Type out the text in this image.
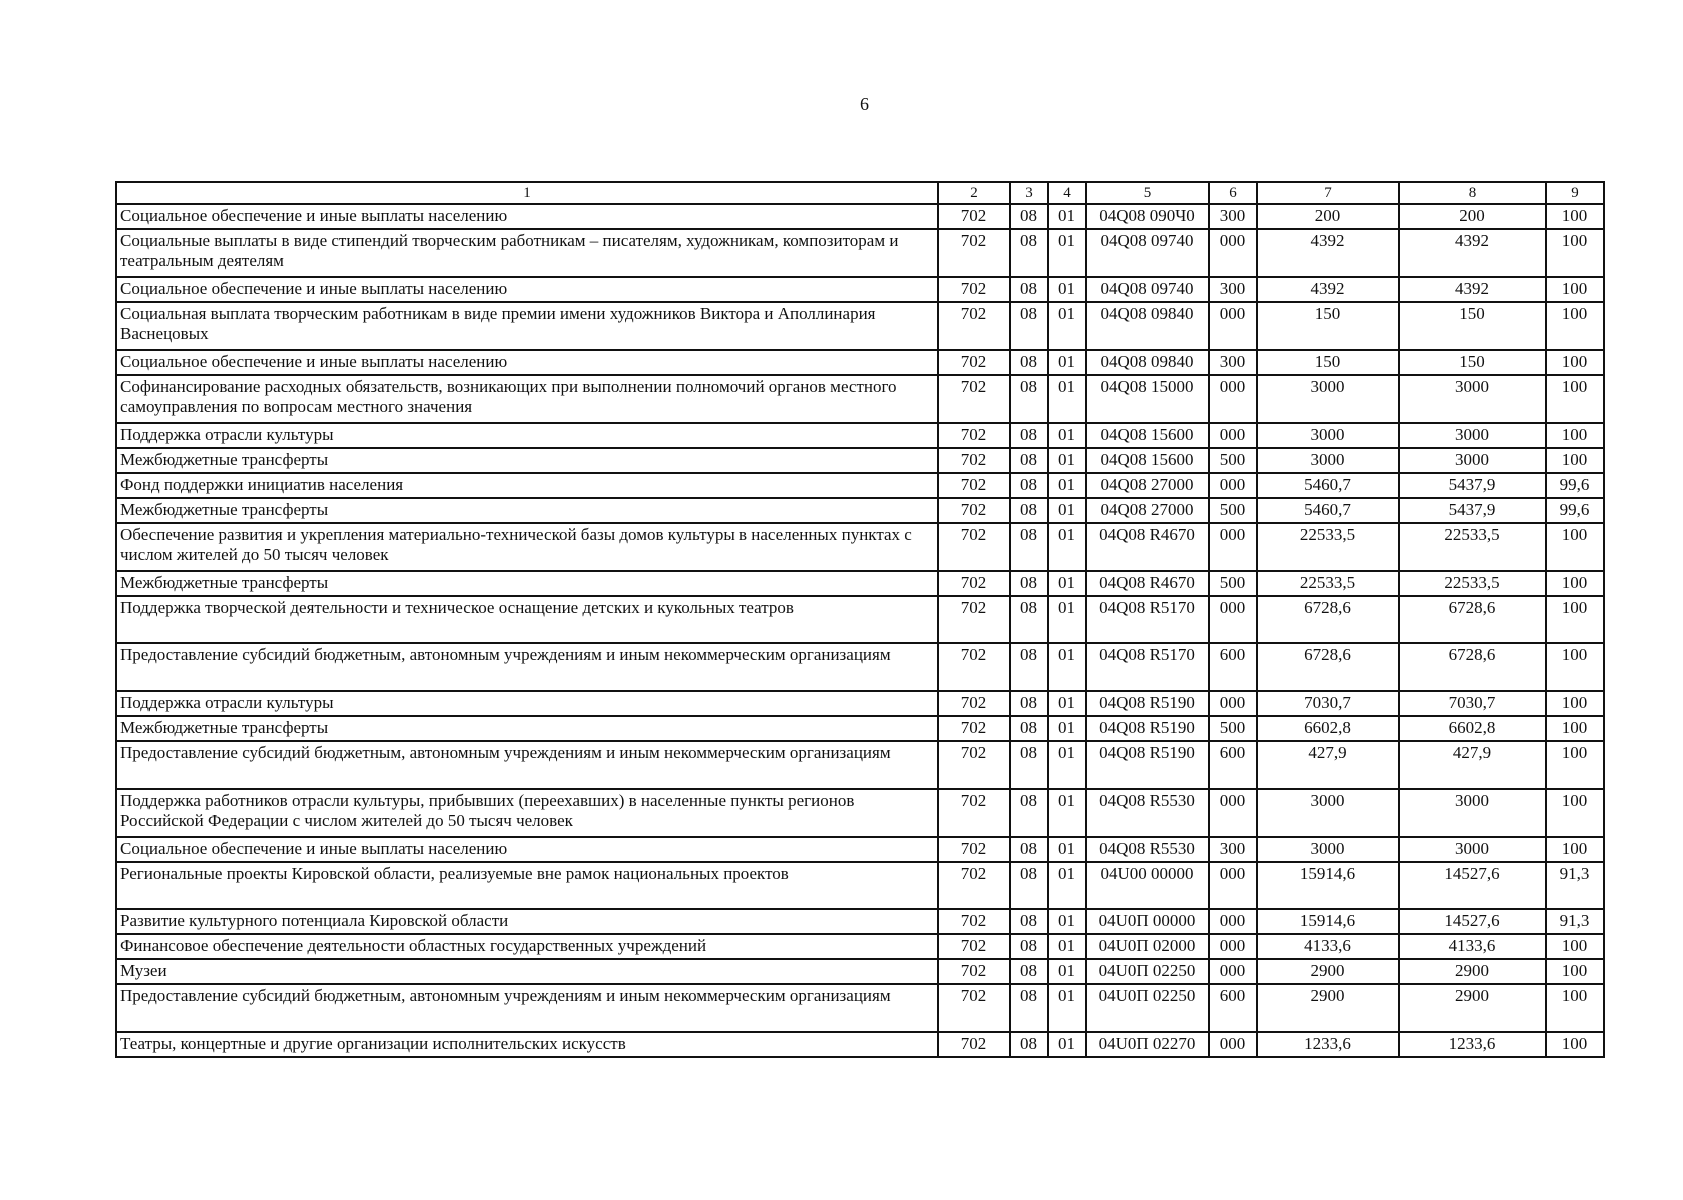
6
1	2	3	4	5	6	7	8	9
Социальное обеспечение и иные выплаты населению	702	08	01	04Q08 090Ч0	300	200	200	100
Социальные выплаты в виде стипендий творческим работникам – писателям, художникам, композиторам и театральным деятелям	702	08	01	04Q08 09740	000	4392	4392	100
Социальное обеспечение и иные выплаты населению	702	08	01	04Q08 09740	300	4392	4392	100
Социальная выплата творческим работникам в виде премии имени художников Виктора и Аполлинария Васнецовых	702	08	01	04Q08 09840	000	150	150	100
Социальное обеспечение и иные выплаты населению	702	08	01	04Q08 09840	300	150	150	100
Софинансирование расходных обязательств, возникающих при выполнении полномочий органов местного самоуправления по вопросам местного значения	702	08	01	04Q08 15000	000	3000	3000	100
Поддержка отрасли культуры	702	08	01	04Q08 15600	000	3000	3000	100
Межбюджетные трансферты	702	08	01	04Q08 15600	500	3000	3000	100
Фонд поддержки инициатив населения	702	08	01	04Q08 27000	000	5460,7	5437,9	99,6
Межбюджетные трансферты	702	08	01	04Q08 27000	500	5460,7	5437,9	99,6
Обеспечение развития и укрепления материально-технической базы домов культуры в населенных пунктах с числом жителей до 50 тысяч человек	702	08	01	04Q08 R4670	000	22533,5	22533,5	100
Межбюджетные трансферты	702	08	01	04Q08 R4670	500	22533,5	22533,5	100
Поддержка творческой деятельности и техническое оснащение детских и кукольных театров	702	08	01	04Q08 R5170	000	6728,6	6728,6	100
Предоставление субсидий бюджетным, автономным учреждениям и иным некоммерческим организациям	702	08	01	04Q08 R5170	600	6728,6	6728,6	100
Поддержка отрасли культуры	702	08	01	04Q08 R5190	000	7030,7	7030,7	100
Межбюджетные трансферты	702	08	01	04Q08 R5190	500	6602,8	6602,8	100
Предоставление субсидий бюджетным, автономным учреждениям и иным некоммерческим организациям	702	08	01	04Q08 R5190	600	427,9	427,9	100
Поддержка работников отрасли культуры, прибывших (переехавших) в населенные пункты регионов Российской Федерации с числом жителей до 50 тысяч человек	702	08	01	04Q08 R5530	000	3000	3000	100
Социальное обеспечение и иные выплаты населению	702	08	01	04Q08 R5530	300	3000	3000	100
Региональные проекты Кировской области, реализуемые вне рамок национальных проектов	702	08	01	04U00 00000	000	15914,6	14527,6	91,3
Развитие культурного потенциала Кировской области	702	08	01	04U0П 00000	000	15914,6	14527,6	91,3
Финансовое обеспечение деятельности областных государственных учреждений	702	08	01	04U0П 02000	000	4133,6	4133,6	100
Музеи	702	08	01	04U0П 02250	000	2900	2900	100
Предоставление субсидий бюджетным, автономным учреждениям и иным некоммерческим организациям	702	08	01	04U0П 02250	600	2900	2900	100
Театры, концертные и другие организации исполнительских искусств	702	08	01	04U0П 02270	000	1233,6	1233,6	100
